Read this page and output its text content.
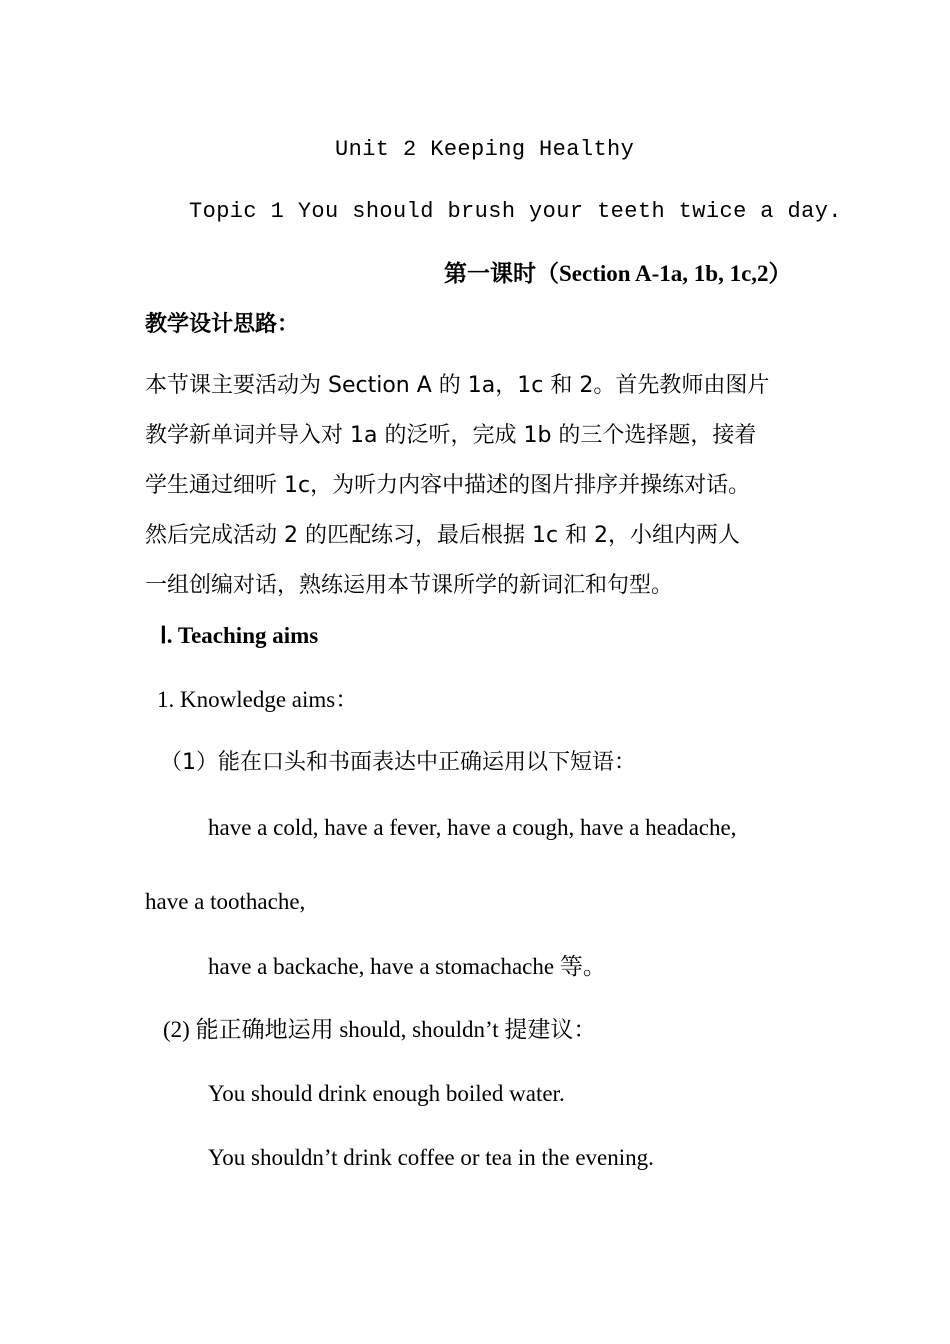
Unit 2 Keeping Healthy
Topic 1 You should brush your teeth twice a day.
第一课时（Section A-1a, 1b, 1c,2）
教学设计思路：
本节课主要活动为 Section A 的 1a，1c 和 2。首先教师由图片
教学新单词并导入对 1a 的泛听，完成 1b 的三个选择题，接着
学生通过细听 1c，为听力内容中描述的图片排序并操练对话。
然后完成活动 2 的匹配练习，最后根据 1c 和 2，小组内两人
一组创编对话，熟练运用本节课所学的新词汇和句型。
Ⅰ. Teaching aims
1. Knowledge aims：
（1）能在口头和书面表达中正确运用以下短语：
have a cold, have a fever, have a cough, have a headache,
have a toothache,
have a backache, have a stomachache 等。
(2) 能正确地运用 should, shouldn’t 提建议：
You should drink enough boiled water.
You shouldn’t drink coffee or tea in the evening.
